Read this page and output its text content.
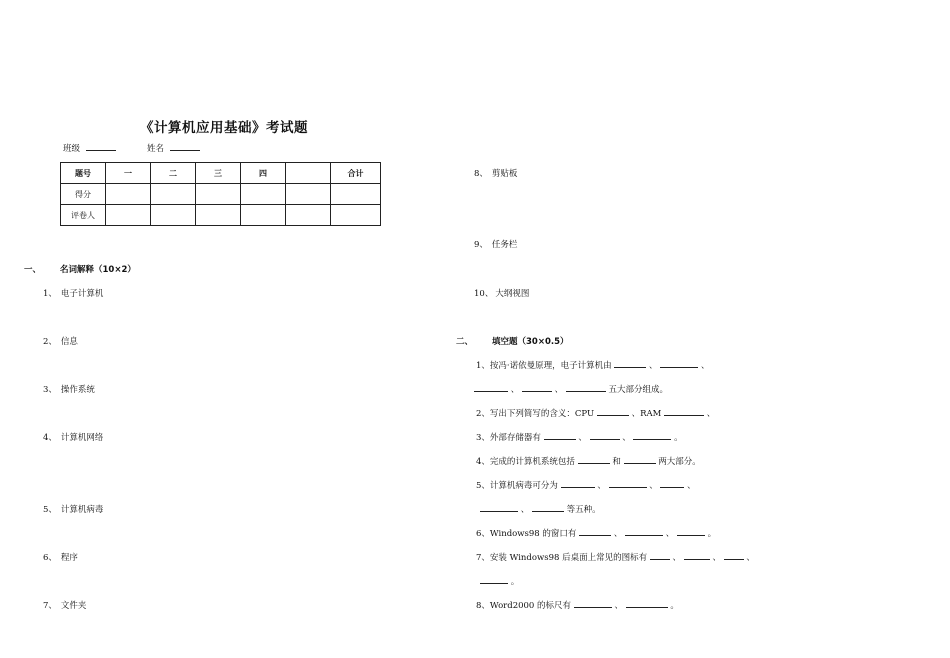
《计算机应用基础》考试题
班级	姓名
题号	一	二	三	四		合计
得分						
评卷人						
一、 名词解释（10×2）
1、 电子计算机
2、 信息
3、 操作系统
4、 计算机网络
5、 计算机病毒
6、 程序
7、 文件夹
8、 剪贴板
9、 任务栏
10、 大纲视图
二、 填空题（30×0.5）
1、按冯·诺依曼原理，电子计算机由	、	、
、	、	五大部分组成。
2、写出下列简写的含义：CPU	、RAM	、
3、外部存储器有	、	、	。
4、完成的计算机系统包括	和	两大部分。
5、计算机病毒可分为	、	、	、
、	等五种。
6、Windows98 的窗口有	、	、	。
7、安装 Windows98 后桌面上常见的图标有	、	、	、
。
8、Word2000 的标尺有	、	。
